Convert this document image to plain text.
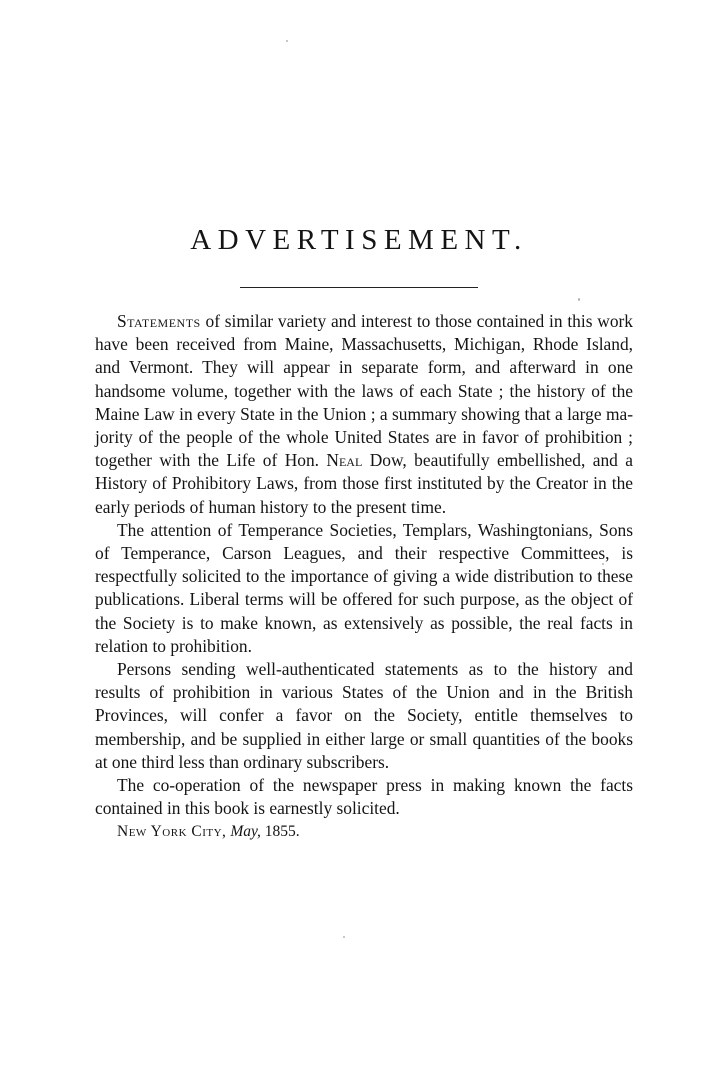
ADVERTISEMENT.

Statements of similar variety and interest to those contained in this work have been received from Maine, Massachusetts, Michigan, Rhode Island, and Vermont. They will appear in separate form, and afterward in one handsome volume, together with the laws of each State ; the history of the Maine Law in every State in the Union ; a summary showing that a large majority of the people of the whole United States are in favor of prohibition ; together with the Life of Hon. Neal Dow, beautifully embellished, and a History of Prohibitory Laws, from those first instituted by the Creator in the early periods of human history to the present time.

The attention of Temperance Societies, Templars, Washingtonians, Sons of Temperance, Carson Leagues, and their respective Committees, is respectfully solicited to the importance of giving a wide distribution to these publications. Liberal terms will be offered for such purpose, as the object of the Society is to make known, as extensively as possible, the real facts in relation to prohibition.

Persons sending well-authenticated statements as to the history and results of prohibition in various States of the Union and in the British Provinces, will confer a favor on the Society, entitle themselves to membership, and be supplied in either large or small quantities of the books at one third less than ordinary subscribers.

The co-operation of the newspaper press in making known the facts contained in this book is earnestly solicited.

New York City, May, 1855.
